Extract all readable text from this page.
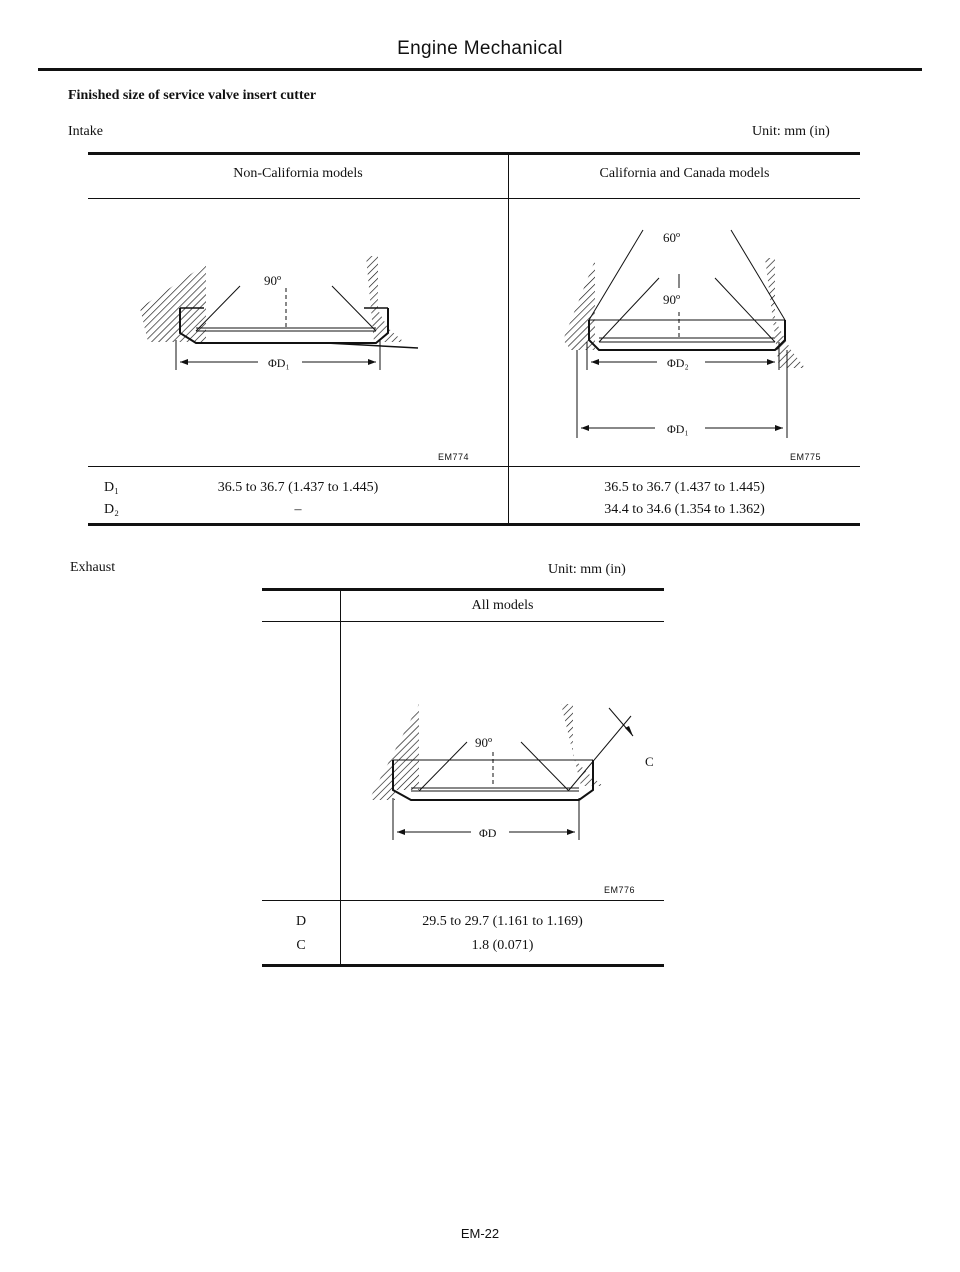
Engine Mechanical
Finished size of service valve insert cutter
Intake	Unit: mm (in)
Non-California models	California and Canada models
90º
ΦD₁
EM774
60º
90º
ΦD₂
ΦD₁
EM775
D₁	36.5 to 36.7 (1.437 to 1.445)	36.5 to 36.7 (1.437 to 1.445)
D₂	–	34.4 to 34.6 (1.354 to 1.362)
Exhaust	Unit: mm (in)
All models
90º
C
ΦD
EM776
D	29.5 to 29.7 (1.161 to 1.169)
C	1.8 (0.071)
EM-22
